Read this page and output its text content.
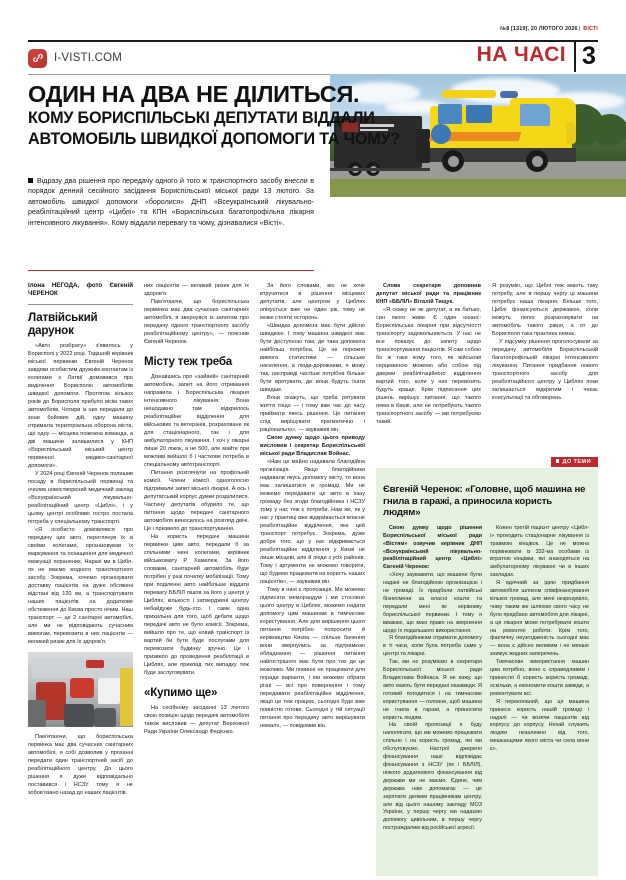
№8 [1319], 20 ЛЮТОГО 2026| ВІСТІ
I-VISTI.COM	НА ЧАСІ 3
ОДИН НА ДВА НЕ ДІЛИТЬСЯ.
КОМУ БОРИСПІЛЬСЬКІ ДЕПУТАТИ ВІДДАЛИ
АВТОМОБІЛЬ ШВИДКОЇ ДОПОМОГИ ТА ЧОМУ?
Відразу два рішення про передачу одного й того ж транспортного засобу внесли в порядок денний сесійного засідання Бориспільської міської ради 13 лютого. За автомобіль швидкої допомоги «боролися» ДНП «Всеукраїнський лікувально-реабілітаційний центр «Циблі» та КПН «Бориспільська багатопрофільна лікарня інтенсивного лікування». Кому віддали перевагу та чому, дізнавалися «Вісті».
Ілона НЕГОДА, фото Євгеній ЧЕРЕНОК
Латвійський дарунок

«Авто розбрату» з'явилось у Борисполі у 2022 році. Тодішній керівник міської первинки Євгеній Черенок завдяки особистим дружнім контактам із колегами з Латвії домовився про виділення Борисполю автомобілів швидкої допомоги. Протягом кількох років до Борисполя прибуло вісім таких автомобілів. Чотири із них передали до зони бойових дій, одну машину отримала територіальна оборона міста, ще одну — місцева пожежна команда, а дві машини залишилися у КНП «Бориспільський міський центр первинної медико-санітарної допомоги».

У 2024 році Євгеній Черенок полишив посаду в бориспільській первинці та очолив новостворений медичний заклад «Всеукраїнський лікувально-реабілітаційний центр «Циблі», і у цьому центрі особливо гостро постала потреба у спеціальному транспорті.

«Я особисто домовлявся про передачу цих авто, переглянув їх зі своїми колегами, організовував їх маркування та оснащення для медичної евакуації поранених. Наразі ми в Циблях не маємо жодного транспортного засобу. Зокрема, хочемо організувати доставку пацієнтів на дуже обсяжені відстані від 120 км, а транспортувати наших пацієнтів на додаткове обстеження до Києва просто нічим. Наш транспорт — це 2 санітарні автомобілі, але ми не відповідають сучасним вимогам, перевозити в них пацієнтів — великий ризик для їх здоров'я.

Пам'ятаючи, що бориспільська первинка має два сучасних санітарних автомобілі, я собі дозволив у проханні передати один транспортний засіб до реабілітаційного центру. До цього рішення я дуже відповідально поставився і НСЗУ тому я не зобов'язано назад до наших пацієнтів.

них пацієнтів — великий ризик для їх здоров'я.

Пам'ятаючи, що бориспільська первинка має два сучасних санітарних автомобілі, я звернувся із запитом про передачу одного транспортного засобу реабілітаційному центру», — пояснив Євгеній Черенок.

Місту теж треба

Дізнавшись про «зайвий» санітарний автомобіль, запит на його отримання направила і Бориспільська лікарня інтенсивного лікування. Вона нещодавно там відкрилось реабілітаційне відділення для військових та ветеранів, розраховане як для стаціонарного, так і для амбулаторного лікування. І хоч у лікарні лише 20 ліжок, а не 500, але майте при можливі вийшло б і часткове потреба в спеціальному автотранспорті.

Питання розглянули на профільній комісії. Члени комісії одноголосно підтримали запит міської лікарні. А ось і депутатський корпус думки розділилися. Частину депутатів обурило те, що питання щодо передачі санітарного автомобіля виносилось на розгляд двічі. Це і призвело до транспортування.

На користь передачі машини первинки цим авто, передали б за спільними нині колегами, керівник військкомату Р. Хамелюк. За його словами, санітарний автомобіль буде потрібен у разі початку мобілізації. Тому при поділенні авто найбільше віддати перевагу ББЛІЛ пішов за його у центрі у Циблях, кількості і затверджені центру небайдуже будь-хто. І саме одна прихильна для того, щоб дебати щодо передачі авто не було комісії. Зокрема, вийшло про те, що новий транспорт із вартий би бути буде послугами для перевозити будинку зручно. Це і призвело до проведення реабілітації в Циблях, але приклад тих випадку теж буде заслуговувати.

«Купимо ще»

На сесійному засіданні 13 лютого свою позицію щодо передачі автомобіля також висловив — депутат Верховної Ради України Олександр Федієнко.

За його словами, він не хоче втручатися в рішення місцевих депутатів, але центром у Циблях опікується вже не один рік, тому не може стояти осторонь.

«Швидка допомога має бути дійсно швидкою. І тому машина швидкої має бути доступною там, де така допомога найбільш потрібна. Це не порожня вимога статистики — сільське населення, а люди-дорожники, я можу так, насправді частіше потрібна більше бути врятувати, де вони будуть їхати швидше.

Вони скажуть, що треба рятувати життя тощо — і тому вже час до часу приймати якесь рішення. Це питання слід вирішувати прагматично і раціонально», — зауважив він.

Свою думку щодо цього приводу висловив і секретар Бориспільської міської ради Владислав Войнас.

«Нам це майно надавала благодійна організація. Якщо благодійники надавали якусь допомогу місту, то вона має залишатися в громаді. Ми не можемо передавати це авто в іншу громаду без згоди благодійника і НСЗУ тому у нас теж є потреби. Нам же, як у нас у практиці вже відкривається власне реабілітаційне відділення, яке цей транспорт потребує. Зокрема, дуже добре того, що у нас відкривається реабілітаційне відділення у Києві не лише місцеві, але й люди з усіх районів. Тому і аргументи не можемо говорити, що будемо працювати на користь наших пацієнтів», — зауважив він.

Тому в нині є пропозиція. Ми можемо підписати меморандум і ми стосовно цього центру в Циблях, можемо надати допомогу цим машинам в тимчасове користування. Але для вирішення цього питання потрібно попросити й керівництво Києва — спільне бачення вони звернулись за підтримкою обладнання — рішення питання найгострішого має бути про тих де це можливо. Ми повинні не працювати для поради варіанти, і ми можемо обрати різні — всі про повернення і тому передавати реабілітаційне відділення, якщо це теж працює, сьогодні буде вже повністю готове. Сьогодні у тій ситуації питання про передачу авто вирішувати немало, — повідомив він.

Слова секретаря доповнив депутат міської ради та працівник КНП «ББЛІЛ» Віталій Тищук.

«Я скажу не як депутат, а як батько, син якого живе. Є один нюанс: Бориспільська лікарня при відсутності транспорту задовольняється. У нас не все показує до запиту щодо транспортування пацієнтів. Я сам собою бо ж таки кому того, як військові серцевиною можемо або собою під дверми реабілітаційного відділення вартий того, коли у них перевозять будуть краще. Крім підписання цих рішень вирішує питання, що такого нема в Києві, але не потребують такого транспортного засобу — ми потребуємо такий.

Я розумію, що Циблі теж мають таку потребу, але в першу чергу ці машини потребує наша лікарня. Більше того, Циблі фінансуються державою, коли можуть легко розраховувати на автомобіль такого рівня, а от до Борисполя така практика немає.

У підсумку рішення проголосували за передачу автомобіля Бориспільській багатопрофільній лікарні інтенсивного лікування. Питання придбання нового транспортного засобу для реабілітаційного центру у Циблях поки залишається відкритим і чекає консультації та обговорень.

ДО ТЕМИ
Євгеній Черенок: «Головне, щоб машина не гнила в гаражі, а приносила користь людям»

Свою думку щодо рішення Бориспільської міської ради «Вістям» озвучив керівник ДНП «Всеукраїнський лікувально-реабілітаційний центр «Циблі» Євгеній Черенок:

«Хочу зауважити, що машини були надані не благодійною організацією і не громаді. Їх придбали латвійські бізнесмени за власні кошти та передали мені як керівнику бориспільської первинки. І тому я вважаю, що маю право на звернення щодо їх подальшого використання.

Я благодійникам отримати допомогу в ті часи, коли була потреба саме у центрі та лікарні.

Так, ми не розуміємо в секретаря Бориспільської міської ради Владислава Войнаса. Я не кажу, що авто мають бути передані назавжди. Я готовий погодитися і на тимчасове користування — головне, щоб машина не гнила в гаражі, а приносила користь людям.

На своїй пропозиції я буду наполягати, що ми можемо працювати спільно і на користь громад, які ми обслуговуємо. Настрої джерело фінансування наші відповідає фінансування з НСЗУ (як і ББЛІЛ), ніякого додаткового фінансування від держави ми не маємо. Єдине, чим держава нам допомагає — це зарплати деяким працівникам центру, але від цього нашому закладу МОЗ України, у першу чергу ми надаємо допомогу цивільним, в першу чергу постраждалим від російської агресії.

Кожен третій пацієнт центру «Циблі» проходить стаціонарне лікування із травмою кінцівок. Це не можна порівнювати із 332-ма особами із втратою кінцівки, які знаходяться на амбулаторному лікуванні чи в інших закладах.

Я вдячний за ідею придбання автомобіля шляхом співфінансування кількох громад, але мені незрозуміло, чому таким же шляхом свого часу не було придбано автомобіля для лікарні, а ця лікарня може потребувати кошти на ремонтні роботи. Крім того, фактичну неузгодженість сьогодні має — вона є дійсно великим і не менше знижує жодних заперечень.

Тимчасове використання машин цим потрібно, воно є справедливим і принесло б користь користь громаді, оскільки, а економити кошти завжди, а ремонтувати всі.

Я переконаний, що ця машина принесе користь нашій громаді і надалі — чи возячи пацієнтів від корпусу до корпусу. Нехай служить людям незалежно від того, мешканцями якого міста чи села вони є».
